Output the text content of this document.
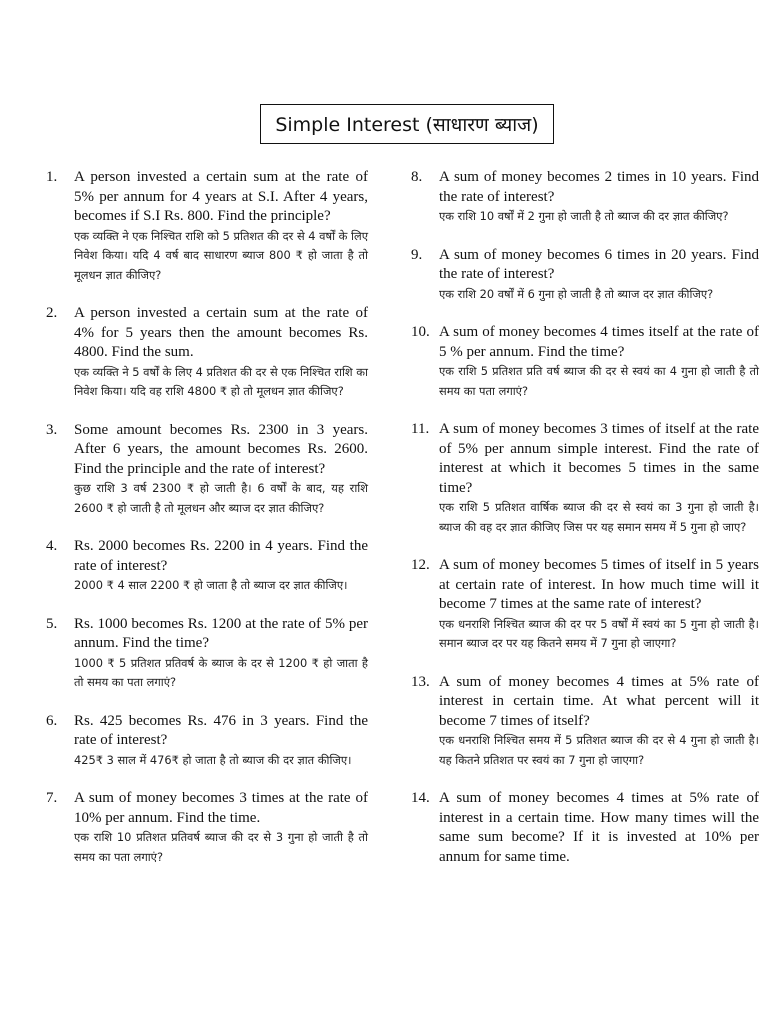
Simple Interest (साधारण ब्याज)
1.	A person invested a certain sum at the rate of 5% per annum for 4 years at S.I. After 4 years, becomes if S.I Rs. 800. Find the principle?

एक व्यक्ति ने एक निश्चित राशि को 5 प्रतिशत की दर से 4 वर्षों के लिए निवेश किया। यदि 4 वर्ष बाद साधारण ब्याज 800 ₹ हो जाता है तो मूलधन ज्ञात कीजिए?

2.	A person invested a certain sum at the rate of 4% for 5 years then the amount becomes Rs. 4800. Find the sum.

एक व्यक्ति ने 5 वर्षों के लिए 4 प्रतिशत की दर से एक निश्चित राशि का निवेश किया। यदि वह राशि 4800 ₹ हो तो मूलधन ज्ञात कीजिए?

3.	Some amount becomes Rs. 2300 in 3 years. After 6 years, the amount becomes Rs. 2600. Find the principle and the rate of interest?

कुछ राशि 3 वर्ष 2300 ₹ हो जाती है। 6 वर्षों के बाद, यह राशि 2600 ₹ हो जाती है तो मूलधन और ब्याज दर ज्ञात कीजिए?

4.	Rs. 2000 becomes Rs. 2200 in 4 years. Find the rate of interest?

2000 ₹ 4 साल 2200 ₹ हो जाता है तो ब्याज दर ज्ञात कीजिए।

5.	Rs. 1000 becomes Rs. 1200 at the rate of 5% per annum. Find the time?

1000 ₹ 5 प्रतिशत प्रतिवर्ष के ब्याज के दर से 1200 ₹ हो जाता है तो समय का पता लगाएं?

6.	Rs. 425 becomes Rs. 476 in 3 years. Find the rate of interest?

425₹ 3 साल में 476₹ हो जाता है तो ब्याज की दर ज्ञात कीजिए।

7.	A sum of money becomes 3 times at the rate of 10% per annum. Find the time.

एक राशि 10 प्रतिशत प्रतिवर्ष ब्याज की दर से 3 गुना हो जाती है तो समय का पता लगाएं?

8.	A sum of money becomes 2 times in 10 years. Find the rate of interest?

एक राशि 10 वर्षों में 2 गुना हो जाती है तो ब्याज की दर ज्ञात कीजिए?

9.	A sum of money becomes 6 times in 20 years. Find the rate of interest?

एक राशि 20 वर्षों में 6 गुना हो जाती है तो ब्याज दर ज्ञात कीजिए?

10. A sum of money becomes 4 times itself at the rate of 5 % per annum. Find the time?

एक राशि 5 प्रतिशत प्रति वर्ष ब्याज की दर से स्वयं का 4 गुना हो जाती है तो समय का पता लगाएं?

11. A sum of money becomes 3 times of itself at the rate of 5% per annum simple interest. Find the rate of interest at which it becomes 5 times in the same time?

एक राशि 5 प्रतिशत वार्षिक ब्याज की दर से स्वयं का 3 गुना हो जाती है। ब्याज की वह दर ज्ञात कीजिए जिस पर यह समान समय में 5 गुना हो जाए?

12. A sum of money becomes 5 times of itself in 5 years at certain rate of interest. In how much time will it become 7 times at the same rate of interest?

एक धनराशि निश्चित ब्याज की दर पर 5 वर्षों में स्वयं का 5 गुना हो जाती है। समान ब्याज दर पर यह कितने समय में 7 गुना हो जाएगा?

13. A sum of money becomes 4 times at 5% rate of interest in certain time. At what percent will it become 7 times of itself?

एक धनराशि निश्चित समय में 5 प्रतिशत ब्याज की दर से 4 गुना हो जाती है। यह कितने प्रतिशत पर स्वयं का 7 गुना हो जाएगा?

14. A sum of money becomes 4 times at 5% rate of interest in a certain time. How many times will the same sum become? If it is invested at 10% per annum for same time.
